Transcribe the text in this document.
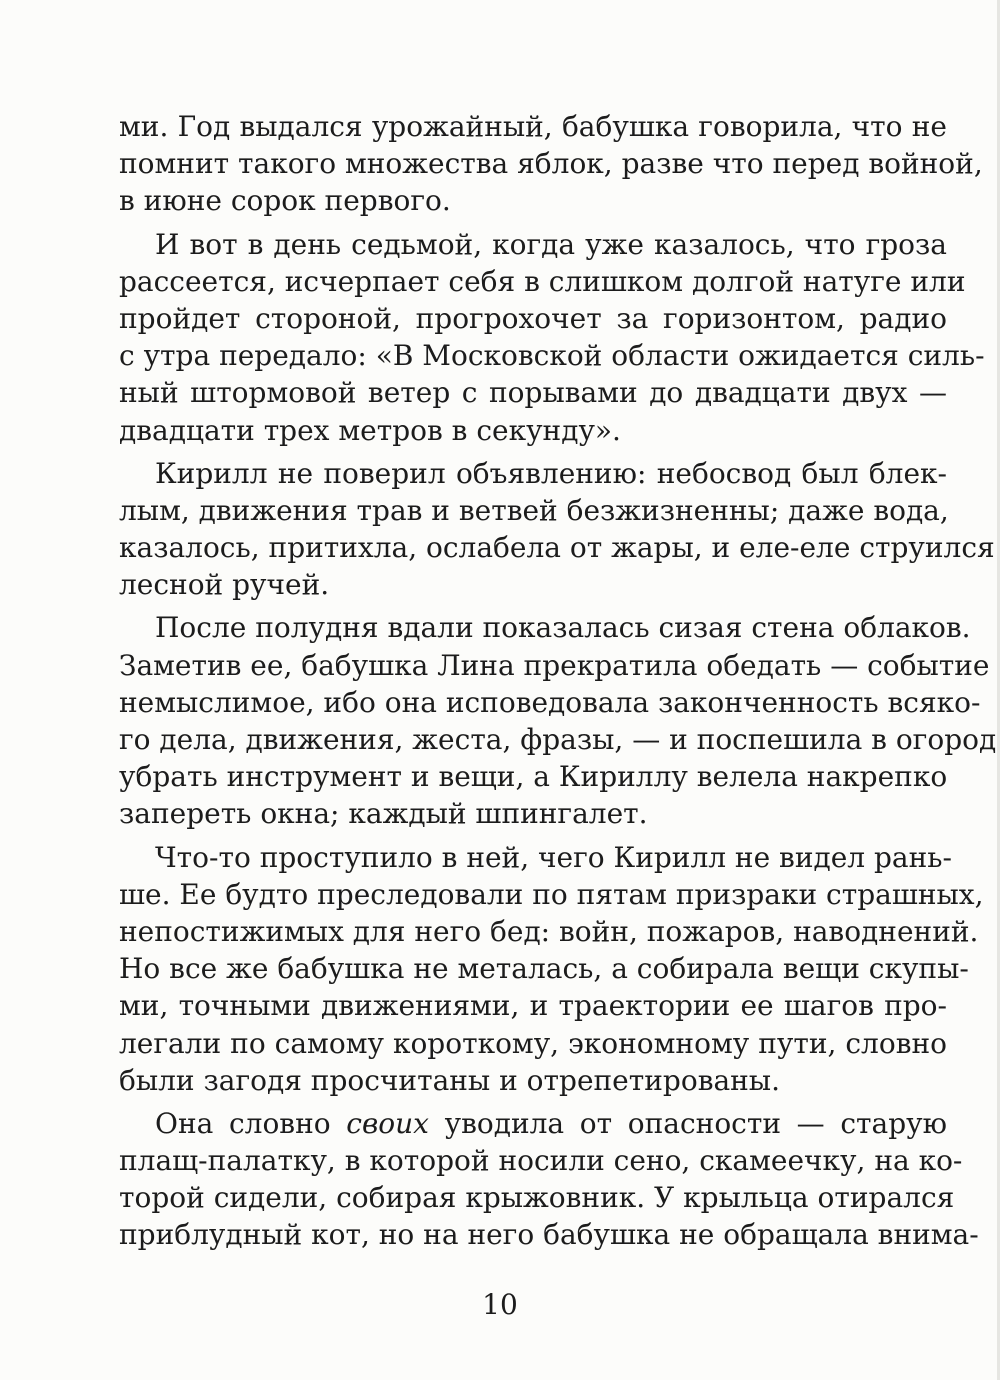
ми. Год выдался урожайный, бабушка говорила, что не
помнит такого множества яблок, разве что перед войной,
в июне сорок первого.
И вот в день седьмой, когда уже казалось, что гроза
рассеется, исчерпает себя в слишком долгой натуге или
пройдет стороной, прогрохочет за горизонтом, радио
с утра передало: «В Московской области ожидается силь-
ный штормовой ветер с порывами до двадцати двух —
двадцати трех метров в секунду».
Кирилл не поверил объявлению: небосвод был блек-
лым, движения трав и ветвей безжизненны; даже вода,
казалось, притихла, ослабела от жары, и еле-еле струился
лесной ручей.
После полудня вдали показалась сизая стена облаков.
Заметив ее, бабушка Лина прекратила обедать — событие
немыслимое, ибо она исповедовала законченность всяко-
го дела, движения, жеста, фразы, — и поспешила в огород
убрать инструмент и вещи, а Кириллу велела накрепко
запереть окна; каждый шпингалет.
Что-то проступило в ней, чего Кирилл не видел рань-
ше. Ее будто преследовали по пятам призраки страшных,
непостижимых для него бед: войн, пожаров, наводнений.
Но все же бабушка не металась, а собирала вещи скупы-
ми, точными движениями, и траектории ее шагов про-
легали по самому короткому, экономному пути, словно
были загодя просчитаны и отрепетированы.
Она словно своих уводила от опасности — старую
плащ-палатку, в которой носили сено, скамеечку, на ко-
торой сидели, собирая крыжовник. У крыльца отирался
приблудный кот, но на него бабушка не обращала внима-
10
